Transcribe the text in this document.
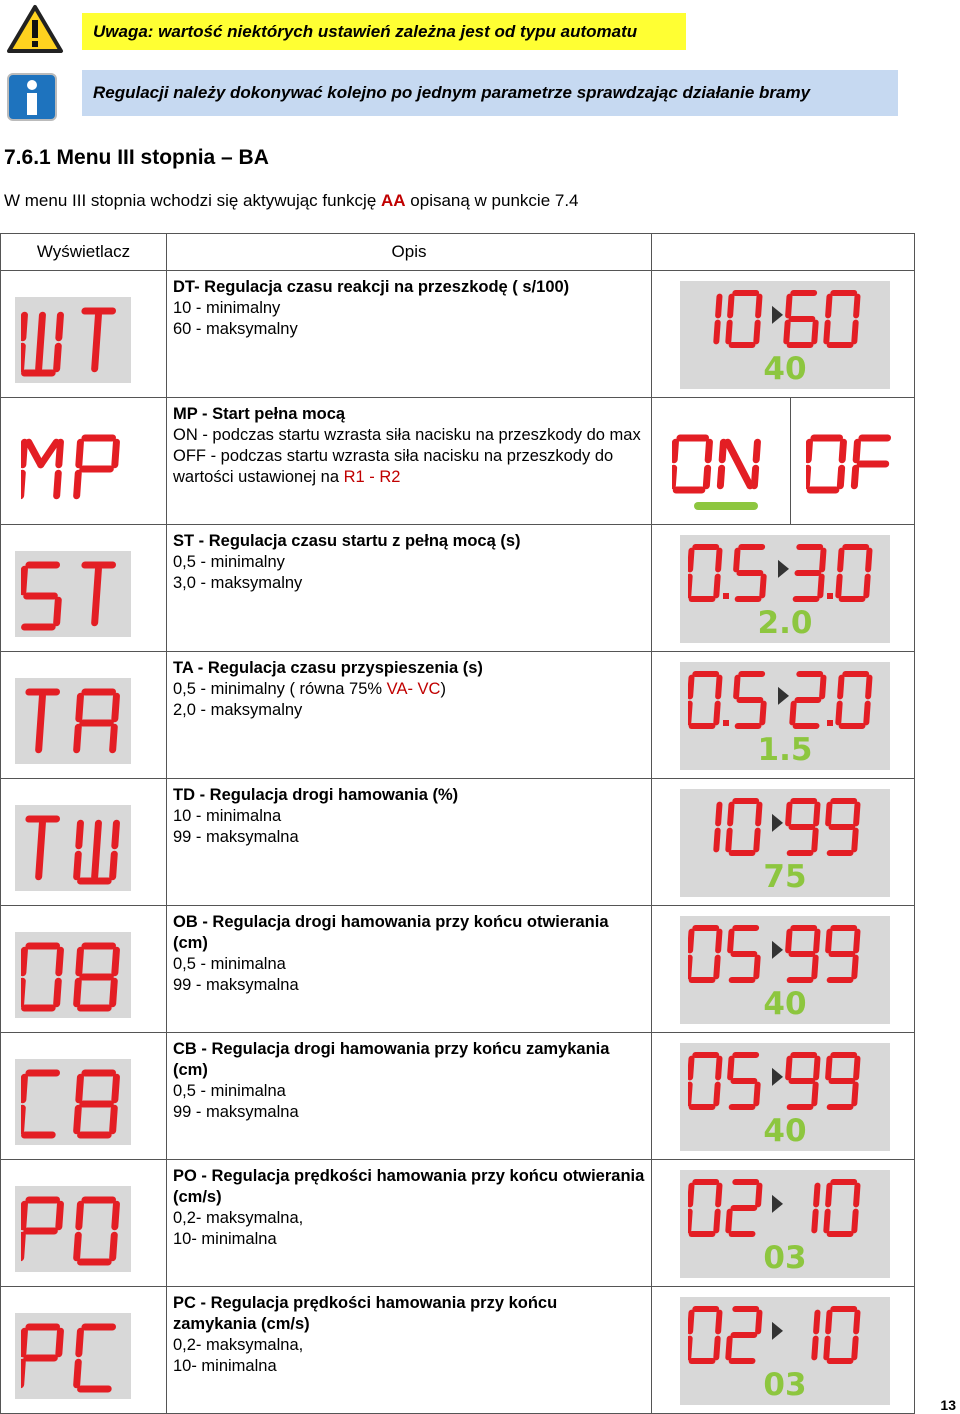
Uwaga: wartość niektórych ustawień zależna jest od typu automatu
Regulacji należy dokonywać kolejno po jednym parametrze sprawdzając działanie bramy
7.6.1 Menu III stopnia – BA
W menu III stopnia wchodzi się aktywując funkcję AA opisaną w punkcie 7.4
Wyświetlacz	Opis	

DT- Regulacja czasu reakcji na przeszkodę ( s/100)
10 - minimalny
60 - maksymalny	40

MP - Start pełna mocą
ON - podczas startu wzrasta siła nacisku na przeszkody do max
OFF - podczas startu wzrasta siła nacisku na przeszkody do wartości ustawionej na R1 - R2

ST - Regulacja czasu startu z pełną mocą (s)
0,5 - minimalny
3,0 - maksymalny	2.0

TA - Regulacja czasu przyspieszenia (s)
0,5 - minimalny ( równa 75% VA- VC)
2,0 - maksymalny	1.5

TD - Regulacja drogi hamowania (%)
10 - minimalna
99 - maksymalna	75

OB - Regulacja drogi hamowania przy końcu otwierania (cm)
0,5 - minimalna
99 - maksymalna	40

CB - Regulacja drogi hamowania przy końcu zamykania (cm)
0,5 - minimalna
99 - maksymalna	40

PO - Regulacja prędkości hamowania przy końcu otwierania (cm/s)
0,2- maksymalna,
10- minimalna	03

PC - Regulacja prędkości hamowania przy końcu zamykania (cm/s)
0,2- maksymalna,
10- minimalna	03
13
